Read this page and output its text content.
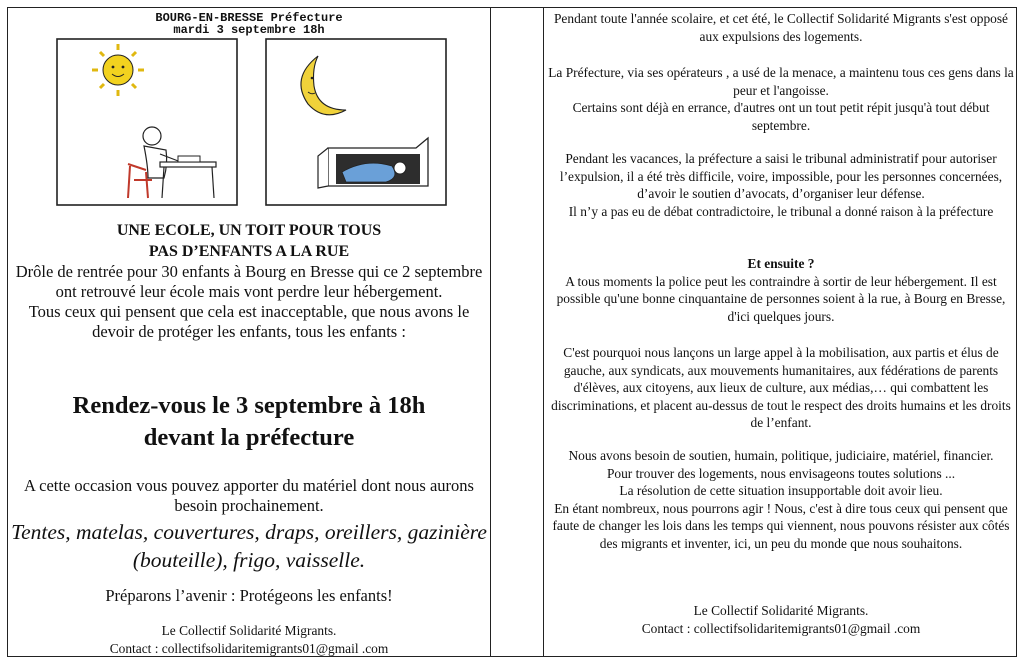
BOURG-EN-BRESSE Préfecture
mardi 3 septembre 18h
UNE ECOLE, UN TOIT POUR TOUS
PAS D’ENFANTS A LA RUE
Drôle de rentrée pour 30 enfants à Bourg en Bresse qui ce 2 septembre ont retrouvé leur école mais vont perdre leur hébergement.
Tous ceux qui pensent que cela est inacceptable, que nous avons le devoir de protéger les enfants, tous les enfants :
Rendez-vous le 3 septembre à 18h
devant la préfecture
A cette occasion vous pouvez apporter du matériel dont nous aurons besoin prochainement.
Tentes, matelas, couvertures, draps, oreillers, gazinière (bouteille), frigo, vaisselle.
Préparons l’avenir : Protégeons les enfants!
Le Collectif Solidarité Migrants.
Contact : collectifsolidaritemigrants01@gmail .com

Pendant toute l'année scolaire, et cet été, le Collectif Solidarité Migrants s'est opposé aux expulsions des logements.

La Préfecture, via ses opérateurs , a usé de la menace, a maintenu tous ces gens dans la peur et l'angoisse.

Certains sont déjà en errance, d'autres ont un tout petit répit jusqu'à tout début septembre.

Pendant les vacances, la préfecture a saisi le tribunal administratif pour autoriser l’expulsion, il a été très difficile, voire, impossible, pour les personnes concernées, d’avoir le soutien d’avocats, d’organiser leur défense.

Il n’y a pas eu de débat contradictoire, le tribunal a donné raison à la préfecture

Et ensuite ?

A tous moments la police peut les contraindre à sortir de leur hébergement. Il est possible qu'une bonne cinquantaine de personnes soient à la rue, à Bourg en Bresse, d'ici quelques jours.

C'est pourquoi nous lançons un large appel à la mobilisation, aux partis et élus de gauche, aux syndicats, aux mouvements humanitaires, aux fédérations de parents d'élèves, aux citoyens, aux lieux de culture, aux médias,… qui combattent les discriminations, et placent au-dessus de tout le respect des droits humains et les droits de l’enfant.

Nous avons besoin de soutien, humain, politique, judiciaire, matériel, financier.

Pour trouver des logements, nous envisageons toutes solutions ...

La résolution de cette situation insupportable doit avoir lieu.

En étant nombreux, nous pourrons agir ! Nous, c'est à dire tous ceux qui pensent que faute de changer les lois dans les temps qui viennent, nous pouvons résister aux côtés des migrants et inventer, ici, un peu du monde que nous souhaitons.

Le Collectif Solidarité Migrants.

Contact : collectifsolidaritemigrants01@gmail .com
